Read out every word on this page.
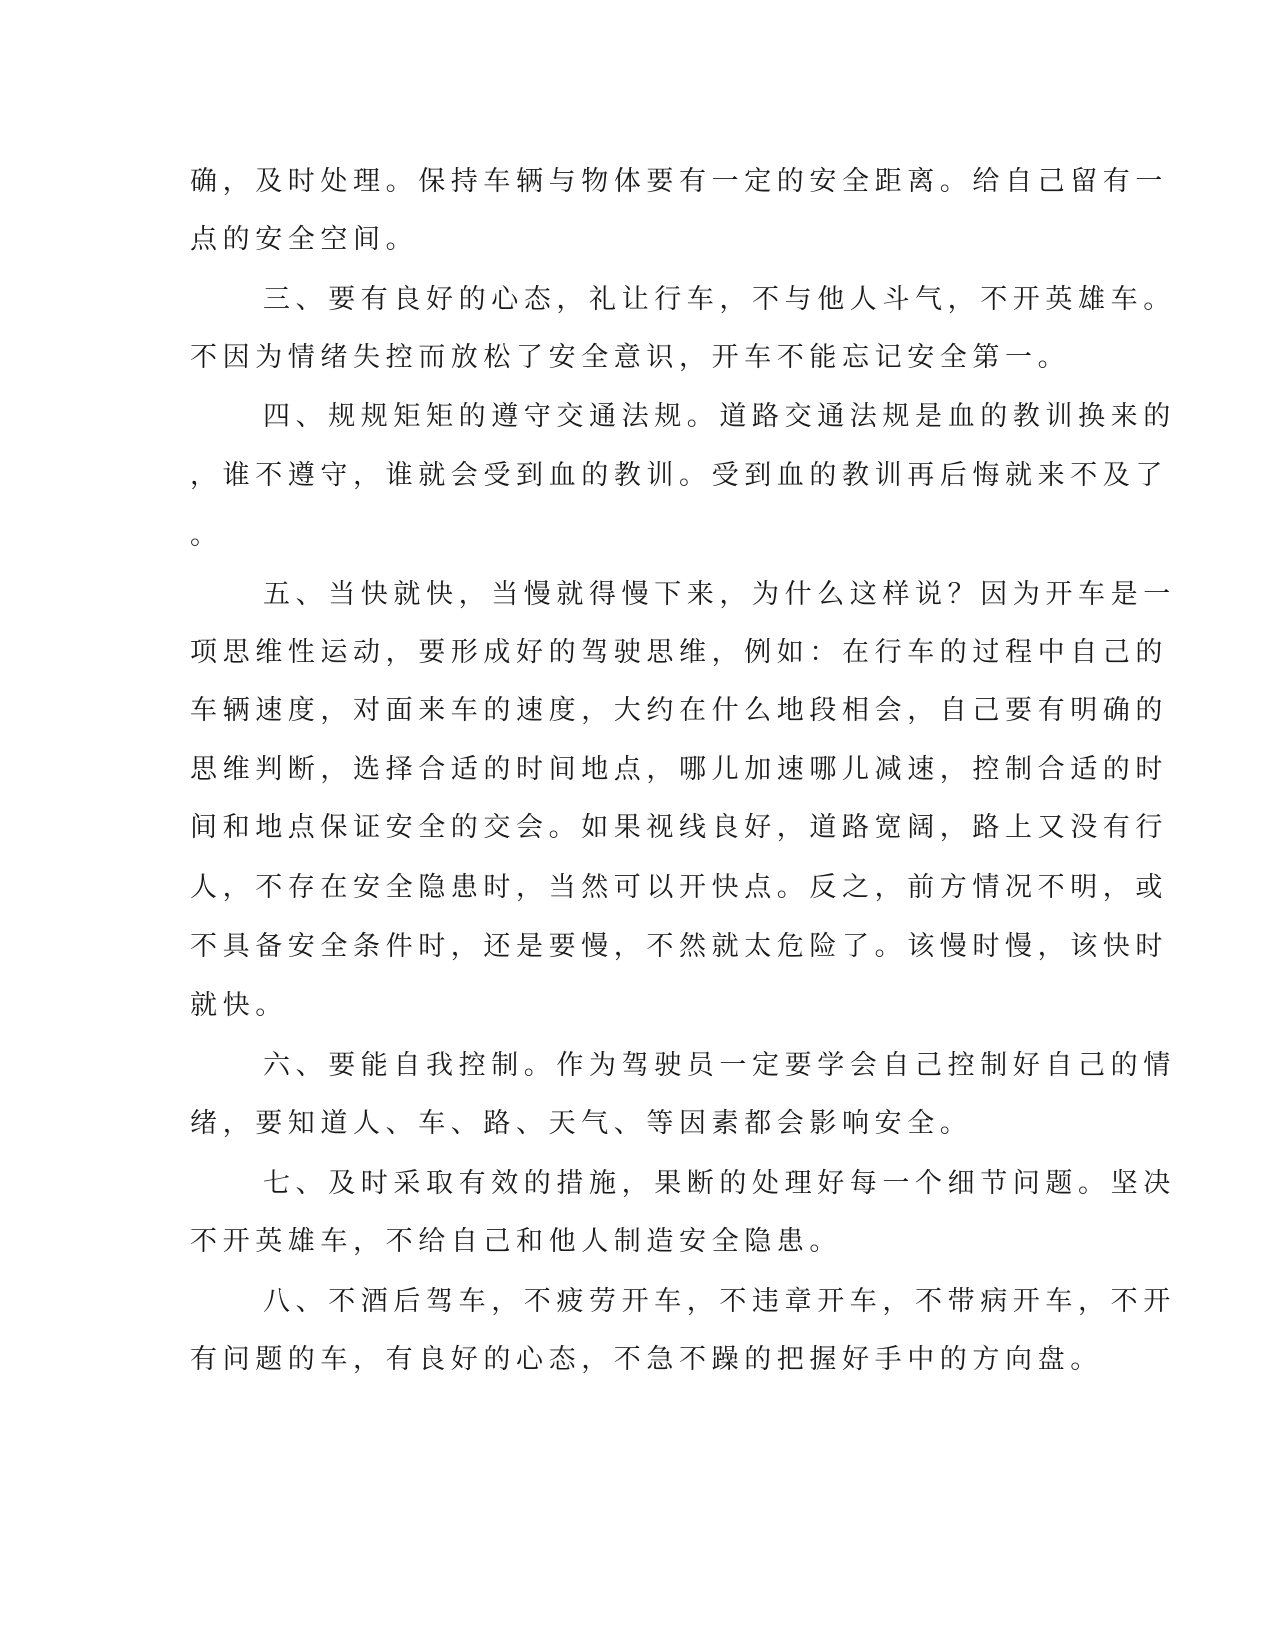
确，及时处理。保持车辆与物体要有一定的安全距离。给自己留有一
点的安全空间。
三、要有良好的心态，礼让行车，不与他人斗气，不开英雄车。
不因为情绪失控而放松了安全意识，开车不能忘记安全第一。
四、规规矩矩的遵守交通法规。道路交通法规是血的教训换来的
，谁不遵守，谁就会受到血的教训。受到血的教训再后悔就来不及了
。
五、当快就快，当慢就得慢下来，为什么这样说？因为开车是一
项思维性运动，要形成好的驾驶思维，例如：在行车的过程中自己的
车辆速度，对面来车的速度，大约在什么地段相会，自己要有明确的
思维判断，选择合适的时间地点，哪儿加速哪儿减速，控制合适的时
间和地点保证安全的交会。如果视线良好，道路宽阔，路上又没有行
人，不存在安全隐患时，当然可以开快点。反之，前方情况不明，或
不具备安全条件时，还是要慢，不然就太危险了。该慢时慢，该快时
就快。
六、要能自我控制。作为驾驶员一定要学会自己控制好自己的情
绪，要知道人、车、路、天气、等因素都会影响安全。
七、及时采取有效的措施，果断的处理好每一个细节问题。坚决
不开英雄车，不给自己和他人制造安全隐患。
八、不酒后驾车，不疲劳开车，不违章开车，不带病开车，不开
有问题的车，有良好的心态，不急不躁的把握好手中的方向盘。
